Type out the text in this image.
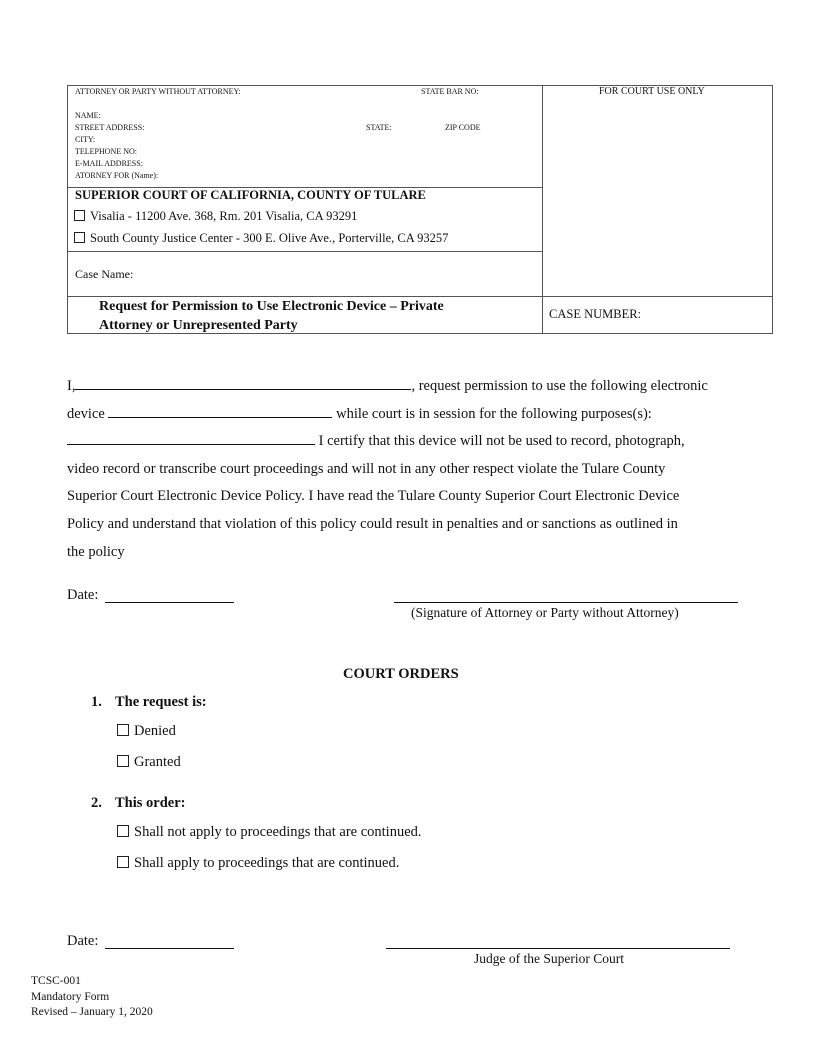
ATTORNEY OR PARTY WITHOUT ATTORNEY:	STATE BAR NO:	FOR COURT USE ONLY
NAME:
STREET ADDRESS:	STATE:	ZIP CODE
CITY:
TELEPHONE NO:
E-MAIL ADDRESS:
ATORNEY FOR (Name):
SUPERIOR COURT OF CALIFORNIA, COUNTY OF TULARE
Visalia - 11200 Ave. 368, Rm. 201 Visalia, CA 93291
South County Justice Center - 300 E. Olive Ave., Porterville, CA 93257
Case Name:
Request for Permission to Use Electronic Device – Private
Attorney or Unrepresented Party
CASE NUMBER:
I,	, request permission to use the following electronic
device	while court is in session for the following purposes(s):
I certify that this device will not be used to record, photograph,
video record or transcribe court proceedings and will not in any other respect violate the Tulare County
Superior Court Electronic Device Policy. I have read the Tulare County Superior Court Electronic Device
Policy and understand that violation of this policy could result in penalties and or sanctions as outlined in
the policy
Date:
(Signature of Attorney or Party without Attorney)
COURT ORDERS
1. The request is:
Denied
Granted
2. This order:
Shall not apply to proceedings that are continued.
Shall apply to proceedings that are continued.
Date:
Judge of the Superior Court
TCSC-001
Mandatory Form
Revised – January 1, 2020
